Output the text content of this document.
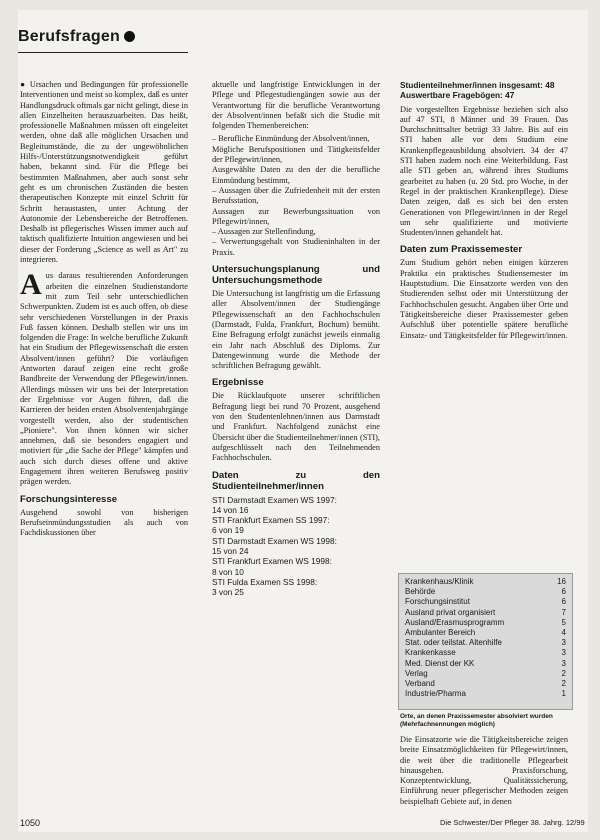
Berufsfragen

● Ursachen und Bedingungen für professionelle Interventionen und meist so komplex, daß es unter Handlungsdruck oftmals gar nicht gelingt, diese in allen Einzelheiten herauszuarbeiten. Das heißt, professionelle Maßnahmen müssen oft eingeleitet werden, ohne daß alle möglichen Ursachen und Begleitumstände, die zu der ungewöhnlichen Hilfs-/Unterstützungsnotwendigkeit geführt haben, bekannt sind. Für die Pflege bei bestimmten Maßnahmen, aber auch sonst sehr geht es um chronischen Zuständen die besten therapeutischen Konzepte mit einzel Schritt für Schritt heraustasten, unter Achtung der Autonomie der Lebensbereiche der Betroffenen. Deshalb ist pflegerisches Wissen immer auch auf taktisch qualifizierte Intuition angewiesen und bei dieser der Forderung „Science as well as Art" zu integrieren.

Aus daraus resultierenden Anforderungen arbeiten die einzelnen Studienstandorte mit zum Teil sehr unterschiedlichen Schwerpunkten. Zudem ist es auch offen, ob diese sehr verschiedenen Vorstellungen in der Praxis Fuß fassen können. Deshalb stellen wir uns im folgenden die Frage: In welche berufliche Zukunft hat ein Studium der Pflegewissenschaft die ersten Absolvent/innen geführt? Die vorläufigen Antworten darauf zeigen eine recht große Bandbreite der Verwendung der Pflegewirt/innen. Allerdings müssen wir uns bei der Interpretation der Ergebnisse vor Augen führen, daß die Karrieren der beiden ersten Absolventenjahrgänge vorgestellt werden, also der studentischen „Pioniere". Von ihnen können wir sicher annehmen, daß sie besonders engagiert und motiviert für „die Sache der Pflege" kämpfen und auch sich durch dieses offene und aktive Engagement ihren weiteren Berufsweg positiv prägen werden.

Forschungsinteresse

Ausgehend sowohl von bisherigen Berufseinmündungsstudien als auch von Fachdiskussionen über

aktuelle und langfristige Entwicklungen in der Pflege und Pflegestudiengängen sowie aus der Verantwortung für die berufliche Verantwortung der Absolvent/innen befaßt sich die Studie mit folgenden Themenbereichen:

– Berufliche Einmündung der Absolvent/innen,
Mögliche Berufspositionen und Tätigkeitsfelder der Pflegewirt/innen,
Ausgewählte Daten zu den der die berufliche Einmündung bestimmt,
– Aussagen über die Zufriedenheit mit der ersten Berufsstation,
Aussagen zur Bewerbungssituation von Pflegewirt/innen,
– Aussagen zur Stellenfindung,
– Verwertungsgehalt von Studieninhalten in der Praxis.
Untersuchungsplanung und Untersuchungsmethode

Die Untersuchung ist langfristig um die Erfassung aller Absolvent/innen der Studiengänge Pflegewissenschaft an den Fachhochschulen (Darmstadt, Fulda, Frankfurt, Bochum) bemüht. Eine Befragung erfolgt zunächst jeweils einmalig ein Jahr nach Abschluß des Diploms. Zur Datengewinnung wurde die Methode der schriftlichen Befragung gewählt.

Ergebnisse

Die Rücklaufquote unserer schriftlichen Befragung liegt bei rund 70 Prozent, ausgehend von den Studentenlehnen/innen aus Darmstadt und Frankfurt. Nachfolgend zunächst eine Übersicht über die Studienteilnehmer/innen (STI), aufgeschlüsselt nach den Teilnehmenden Fachhochschulen.

Daten zu den Studienteilnehmer/innen
STI Darmstadt Examen WS 1997:
14 von 16
STI Frankfurt Examen SS 1997:
6 von 19
STI Darmstadt Examen WS 1998:
15 von 24
STI Frankfurt Examen WS 1998:
8 von 10
STI Fulda Examen SS 1998:
3 von 25
Studienteilnehmer/innen insgesamt: 48
Auswertbare Fragebögen: 47

Die vorgestellten Ergebnisse beziehen sich also auf 47 STI, 8 Männer und 39 Frauen. Das Durchschnittsalter beträgt 33 Jahre. Bis auf ein STI haben alle vor dem Studium eine Krankenpflegeausbildung absolviert. 34 der 47 STI haben zudem noch eine Weiterbildung. Fast alle STI geben an, während ihres Studiums gearbeitet zu haben (u. 20 Std. pro Woche, in der Regel in der praktischen Krankenpflege). Diese Daten zeigen, daß es sich bei den ersten Generationen von Pflegewirt/innen in der Regel um sehr qualifizierte und motivierte Studenten/innen gehandelt hat.

Daten zum Praxissemester

Zum Studium gehört neben einigen kürzeren Praktika ein praktisches Studiensemester im Hauptstudium. Die Einsatzorte werden von den Studierenden selbst oder mit Unterstützung der Fachhochschulen gesucht. Angaben über Orte und Tätigkeitsbereiche dieser Praxissemester geben Aufschluß über potentielle spätere berufliche Einsatz- und Tätigkeitsfelder für Pflegewirt/innen.

Krankenhaus/Klinik	16
Behörde	6
Forschungsinstitut	6
Ausland privat organisiert	7
Ausland/Erasmusprogramm	5
Ambulanter Bereich	4
Stat. oder teilstat. Altenhilfe	3
Krankenkasse	3
Med. Dienst der KK	3
Verlag	2
Verband	2
Industrie/Pharma	1
Orte, an denen Praxissemester absolviert wurden (Mehrfachnennungen möglich)

Die Einsatzorte wie die Tätigkeitsbereiche zeigen breite Einsatzmöglichkeiten für Pflegewirt/innen, die weit über die traditionelle Pflegearbeit hinausgehen. Praxisforschung, Konzeptentwicklung, Qualitätssicherung, Einführung neuer pflegerischer Methoden zeigen beispielhaft Gebiete auf, in denen

1050	Die Schwester/Der Pfleger 38. Jahrg. 12/99
